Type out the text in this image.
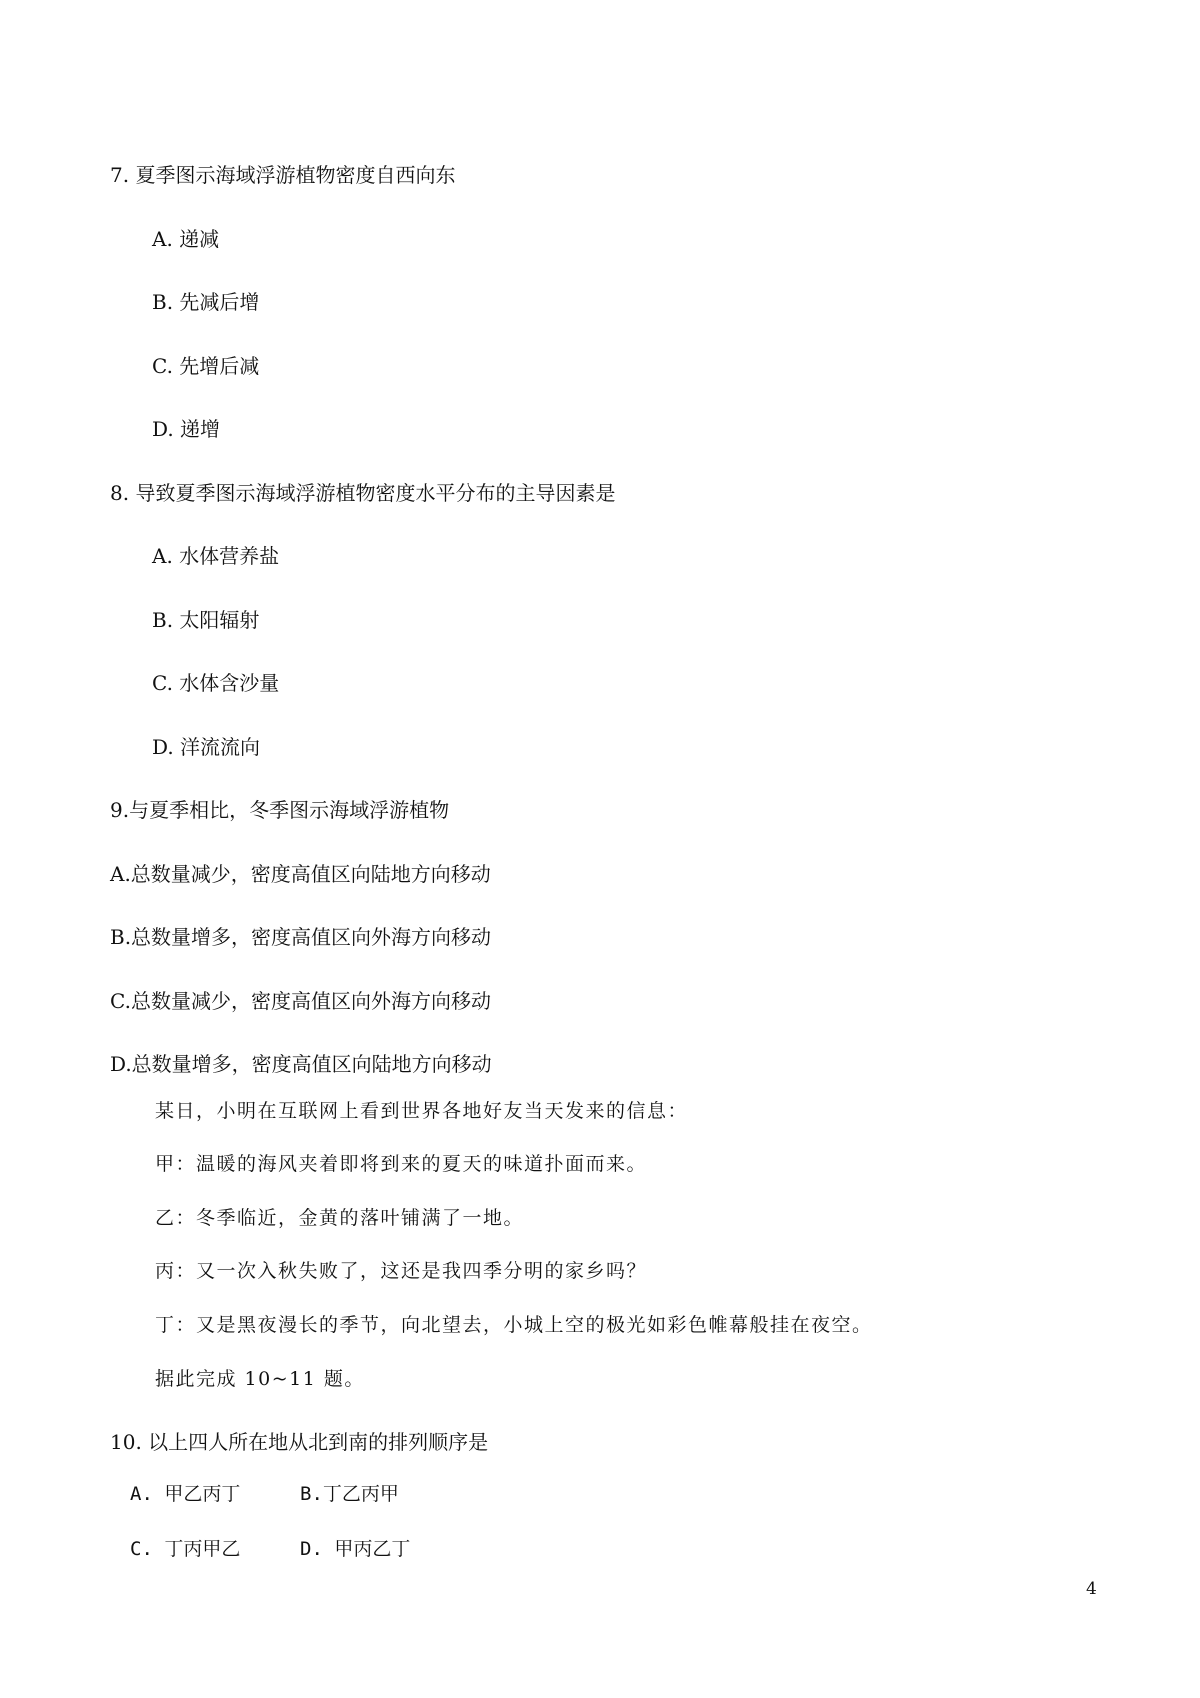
7. 夏季图示海域浮游植物密度自西向东
A. 递减
B. 先减后增
C. 先增后减
D. 递增
8. 导致夏季图示海域浮游植物密度水平分布的主导因素是
A. 水体营养盐
B. 太阳辐射
C. 水体含沙量
D. 洋流流向
9.与夏季相比，冬季图示海域浮游植物
A.总数量减少，密度高值区向陆地方向移动
B.总数量增多，密度高值区向外海方向移动
C.总数量减少，密度高值区向外海方向移动
D.总数量增多，密度高值区向陆地方向移动
某日，小明在互联网上看到世界各地好友当天发来的信息：
甲：温暖的海风夹着即将到来的夏天的味道扑面而来。
乙：冬季临近，金黄的落叶铺满了一地。
丙：又一次入秋失败了，这还是我四季分明的家乡吗？
丁：又是黑夜漫长的季节，向北望去，小城上空的极光如彩色帷幕般挂在夜空。
据此完成 10~11 题。
10. 以上四人所在地从北到南的排列顺序是
A. 甲乙丙丁	B.丁乙丙甲
C. 丁丙甲乙	D. 甲丙乙丁
4
